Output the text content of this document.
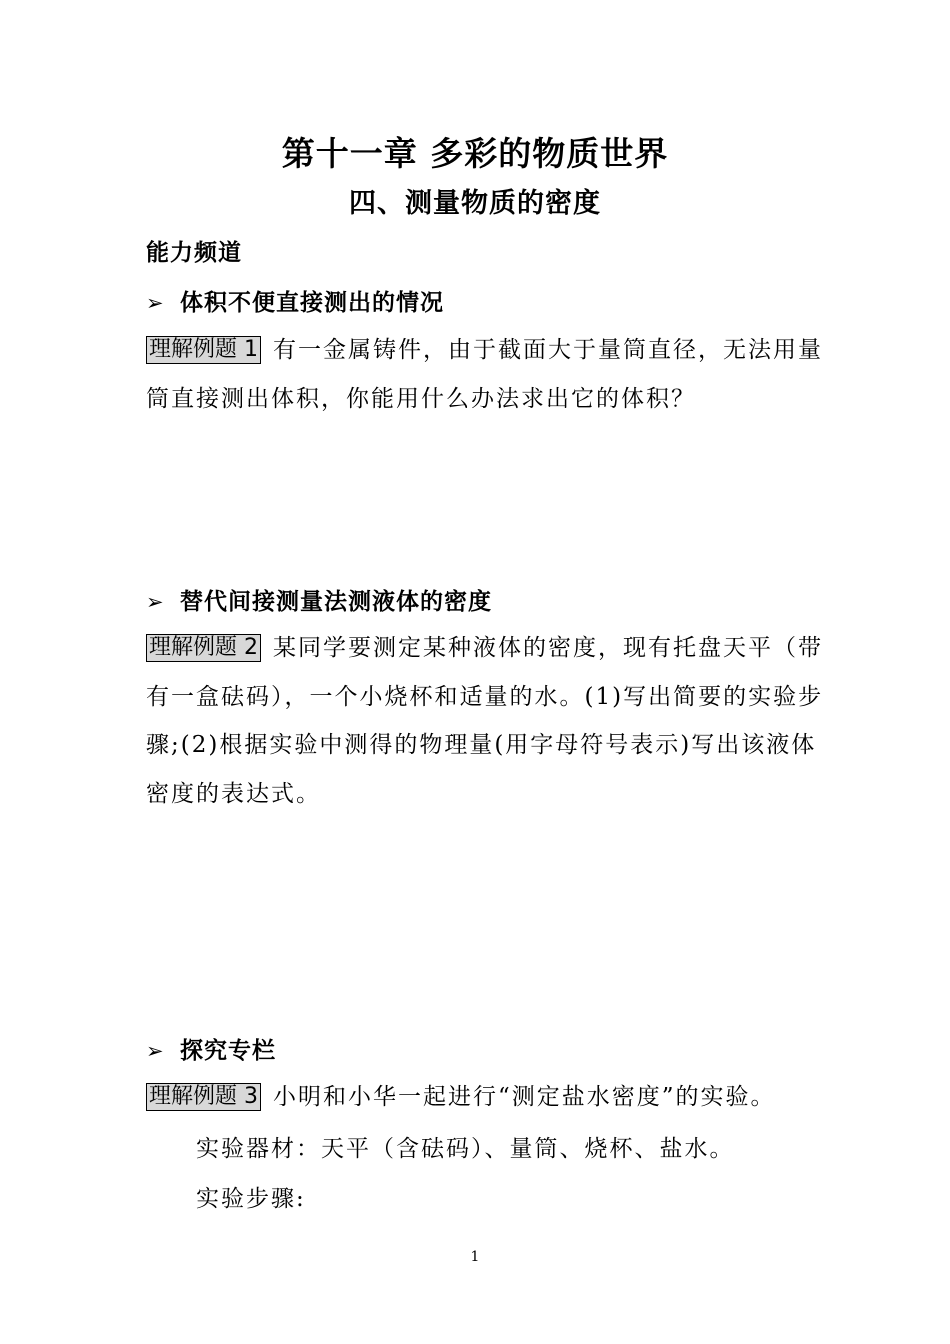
第十一章 多彩的物质世界
四、测量物质的密度
能力频道
➢ 体积不便直接测出的情况
理解例题 1 有一金属铸件，由于截面大于量筒直径，无法用量筒直接测出体积，你能用什么办法求出它的体积？
➢ 替代间接测量法测液体的密度
理解例题 2 某同学要测定某种液体的密度，现有托盘天平（带有一盒砝码），一个小烧杯和适量的水。(1)写出简要的实验步骤;(2)根据实验中测得的物理量(用字母符号表示)写出该液体密度的表达式。
➢ 探究专栏
理解例题 3 小明和小华一起进行“测定盐水密度”的实验。
实验器材：天平（含砝码）、量筒、烧杯、盐水。
实验步骤:
1
